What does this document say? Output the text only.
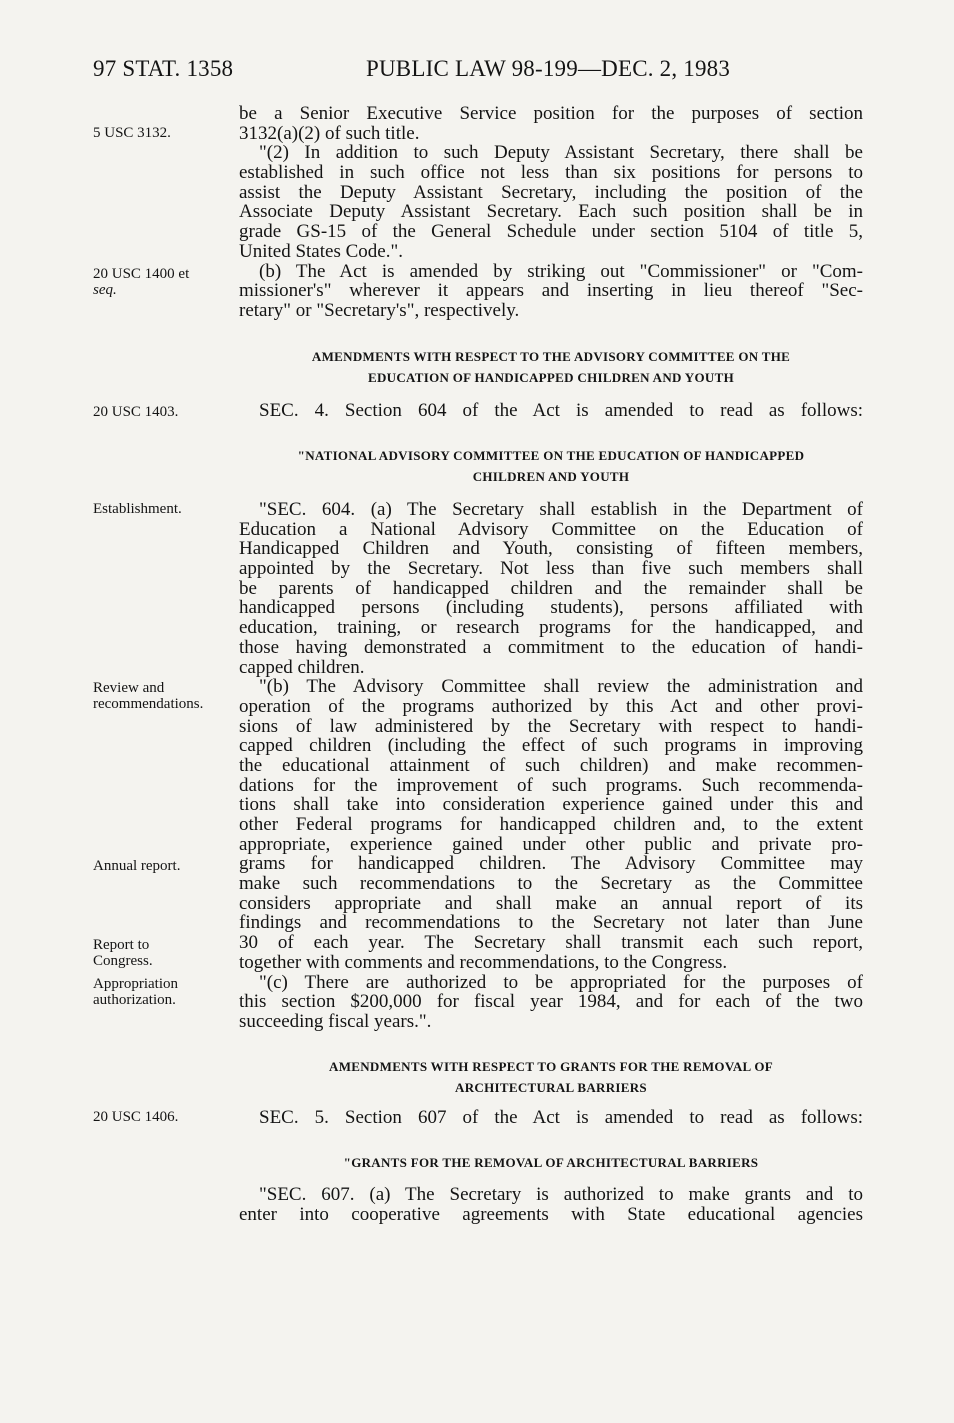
97 STAT. 1358	PUBLIC LAW 98-199—DEC. 2, 1983
5 USC 3132.
20 USC 1400 et
seq.
20 USC 1403.
Establishment.
Review and
recommendations.
Annual report.
Report to
Congress.
Appropriation
authorization.
20 USC 1406.
be a Senior Executive Service position for the purposes of section
3132(a)(2) of such title.
"(2) In addition to such Deputy Assistant Secretary, there shall be
established in such office not less than six positions for persons to
assist the Deputy Assistant Secretary, including the position of the
Associate Deputy Assistant Secretary. Each such position shall be in
grade GS-15 of the General Schedule under section 5104 of title 5,
United States Code.".
(b) The Act is amended by striking out "Commissioner" or "Com-
missioner's" wherever it appears and inserting in lieu thereof "Sec-
retary" or "Secretary's", respectively.
AMENDMENTS WITH RESPECT TO THE ADVISORY COMMITTEE ON THE
EDUCATION OF HANDICAPPED CHILDREN AND YOUTH
SEC. 4. Section 604 of the Act is amended to read as follows:
"NATIONAL ADVISORY COMMITTEE ON THE EDUCATION OF HANDICAPPED
CHILDREN AND YOUTH
"SEC. 604. (a) The Secretary shall establish in the Department of
Education a National Advisory Committee on the Education of
Handicapped Children and Youth, consisting of fifteen members,
appointed by the Secretary. Not less than five such members shall
be parents of handicapped children and the remainder shall be
handicapped persons (including students), persons affiliated with
education, training, or research programs for the handicapped, and
those having demonstrated a commitment to the education of handi-
capped children.
"(b) The Advisory Committee shall review the administration and
operation of the programs authorized by this Act and other provi-
sions of law administered by the Secretary with respect to handi-
capped children (including the effect of such programs in improving
the educational attainment of such children) and make recommen-
dations for the improvement of such programs. Such recommenda-
tions shall take into consideration experience gained under this and
other Federal programs for handicapped children and, to the extent
appropriate, experience gained under other public and private pro-
grams for handicapped children. The Advisory Committee may
make such recommendations to the Secretary as the Committee
considers appropriate and shall make an annual report of its
findings and recommendations to the Secretary not later than June
30 of each year. The Secretary shall transmit each such report,
together with comments and recommendations, to the Congress.
"(c) There are authorized to be appropriated for the purposes of
this section $200,000 for fiscal year 1984, and for each of the two
succeeding fiscal years.".
AMENDMENTS WITH RESPECT TO GRANTS FOR THE REMOVAL OF
ARCHITECTURAL BARRIERS
SEC. 5. Section 607 of the Act is amended to read as follows:
"GRANTS FOR THE REMOVAL OF ARCHITECTURAL BARRIERS
"SEC. 607. (a) The Secretary is authorized to make grants and to
enter into cooperative agreements with State educational agencies
